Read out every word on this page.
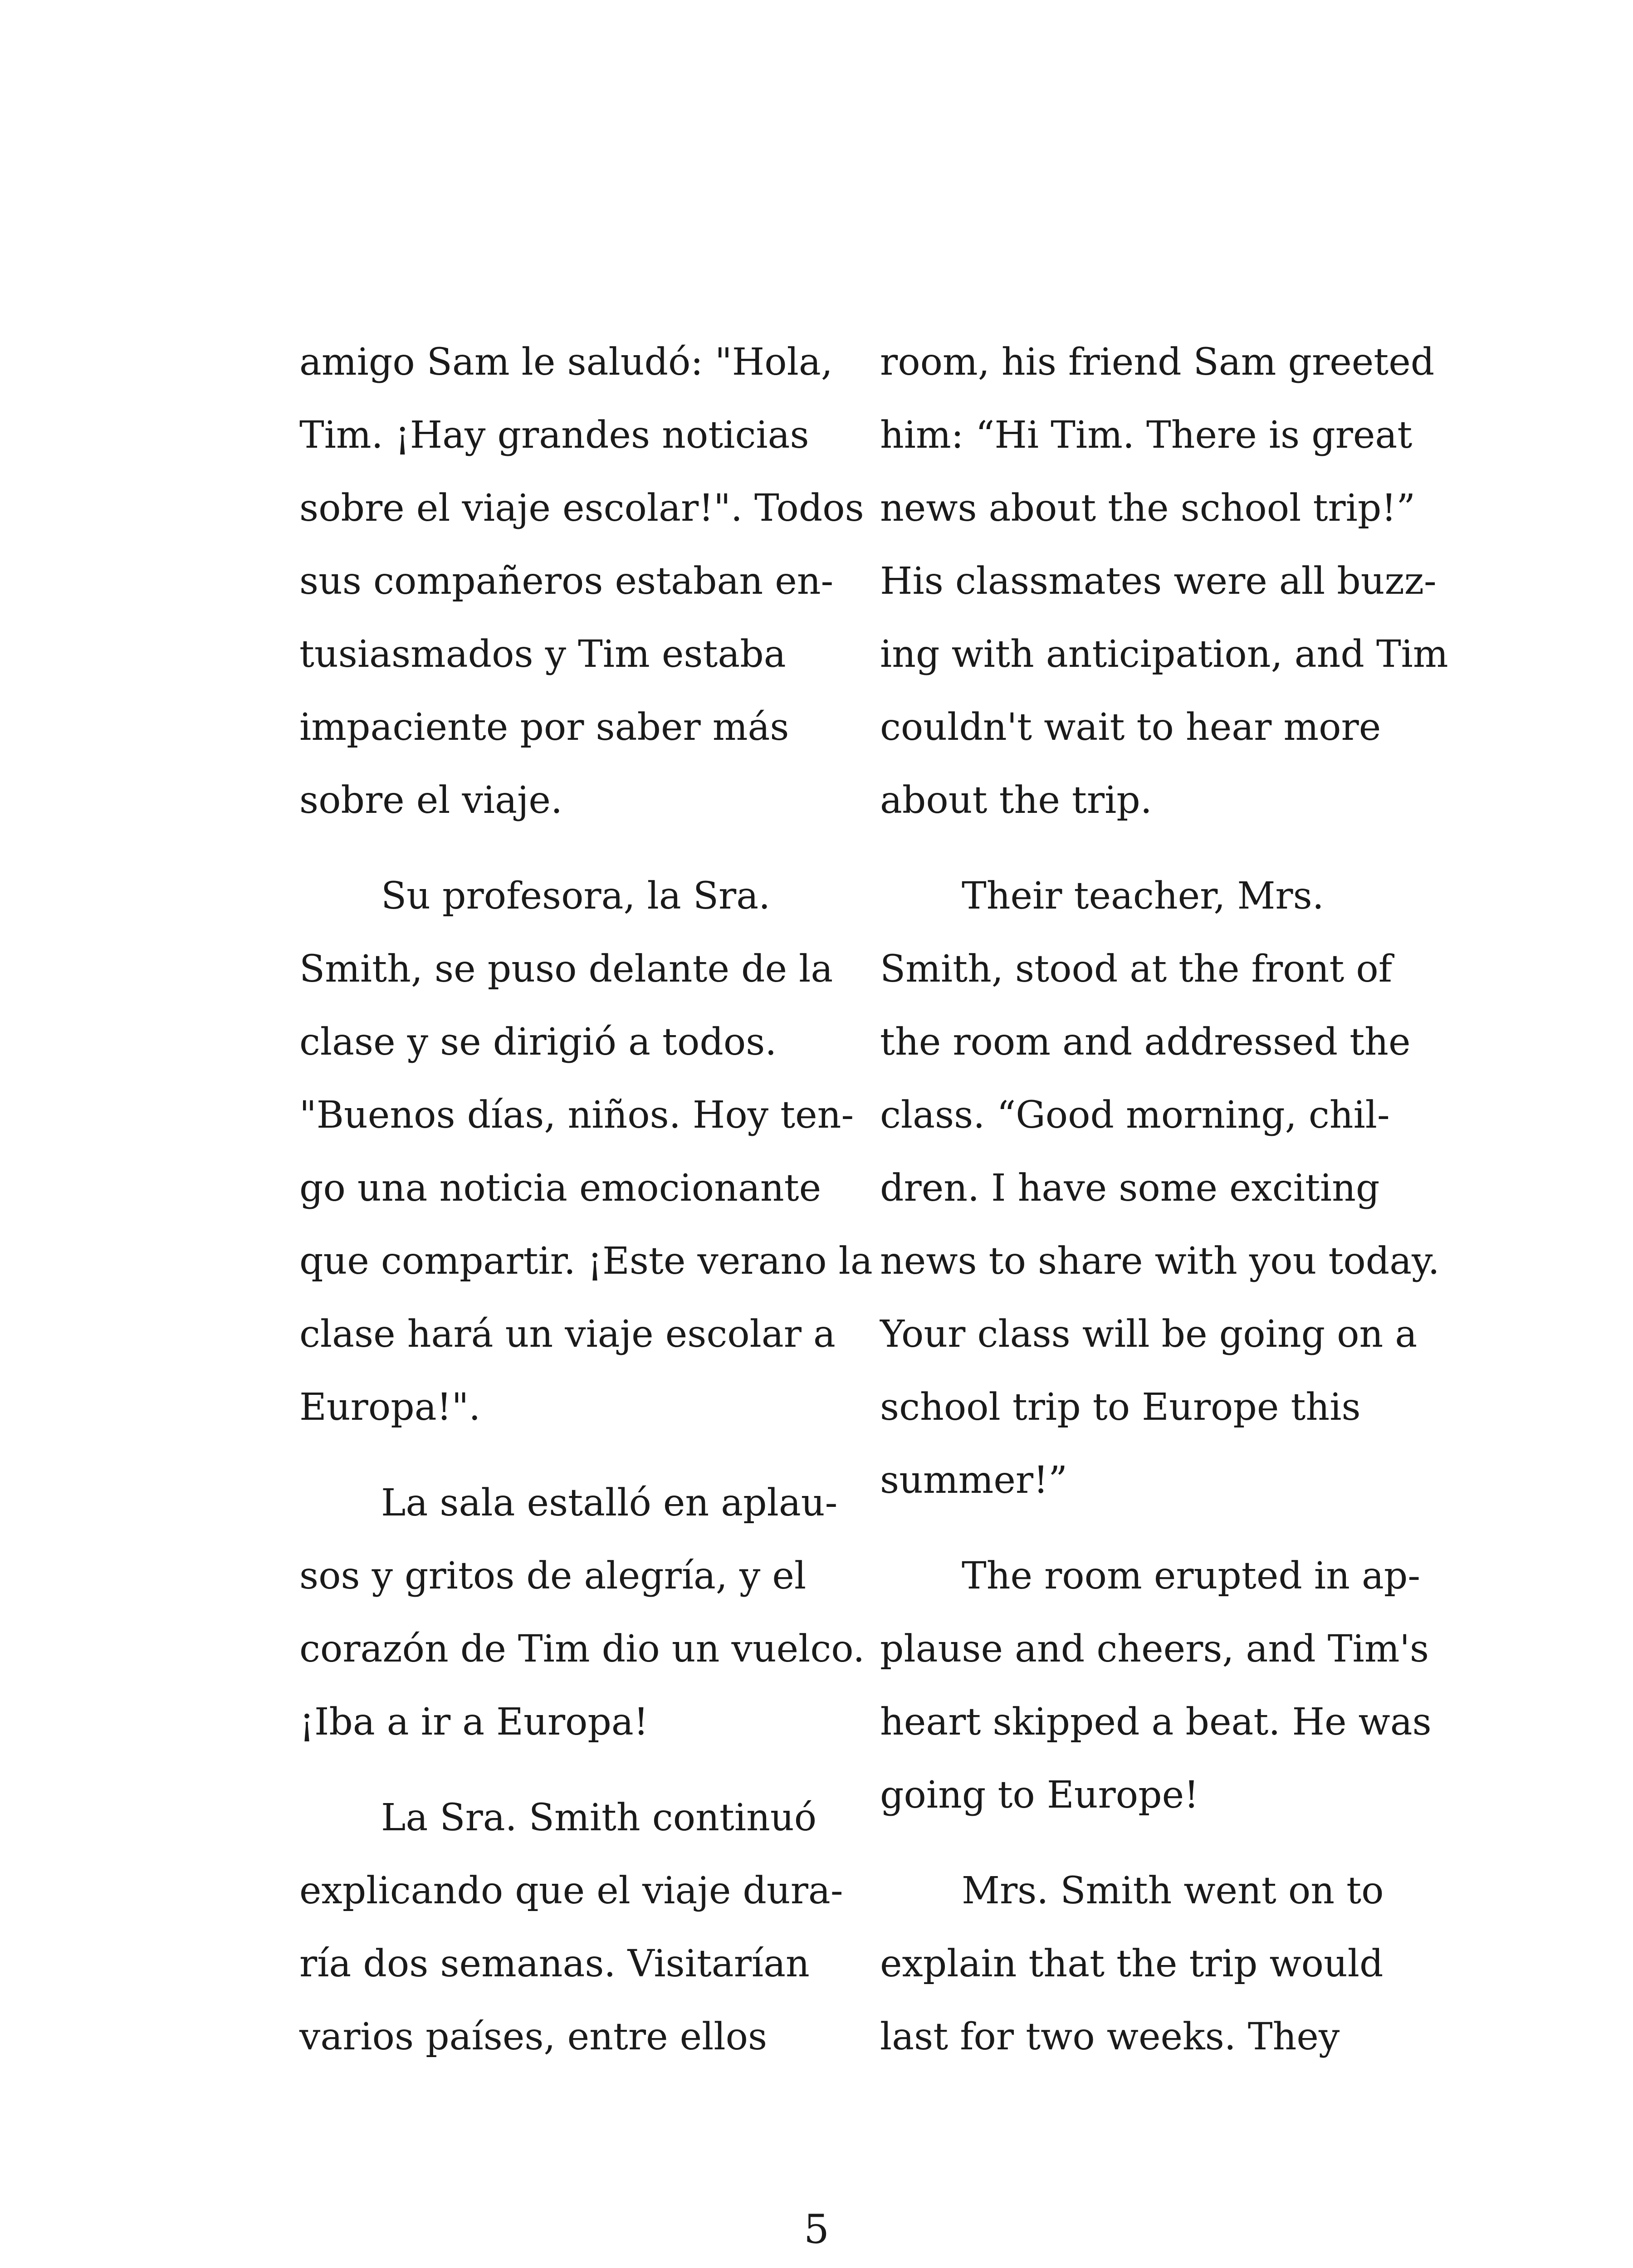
amigo Sam le saludó: "Hola,
Tim. ¡Hay grandes noticias
sobre el viaje escolar!". Todos
sus compañeros estaban en-
tusiasmados y Tim estaba
impaciente por saber más
sobre el viaje.
Su profesora, la Sra.
Smith, se puso delante de la
clase y se dirigió a todos.
"Buenos días, niños. Hoy ten-
go una noticia emocionante
que compartir. ¡Este verano la
clase hará un viaje escolar a
Europa!".
La sala estalló en aplau-
sos y gritos de alegría, y el
corazón de Tim dio un vuelco.
¡Iba a ir a Europa!
La Sra. Smith continuó
explicando que el viaje dura-
ría dos semanas. Visitarían
varios países, entre ellos
room, his friend Sam greeted
him: “Hi Tim. There is great
news about the school trip!”
His classmates were all buzz-
ing with anticipation, and Tim
couldn't wait to hear more
about the trip.
Their teacher, Mrs.
Smith, stood at the front of
the room and addressed the
class. “Good morning, chil-
dren. I have some exciting
news to share with you today.
Your class will be going on a
school trip to Europe this
summer!”
The room erupted in ap-
plause and cheers, and Tim's
heart skipped a beat. He was
going to Europe!
Mrs. Smith went on to
explain that the trip would
last for two weeks. They
5
